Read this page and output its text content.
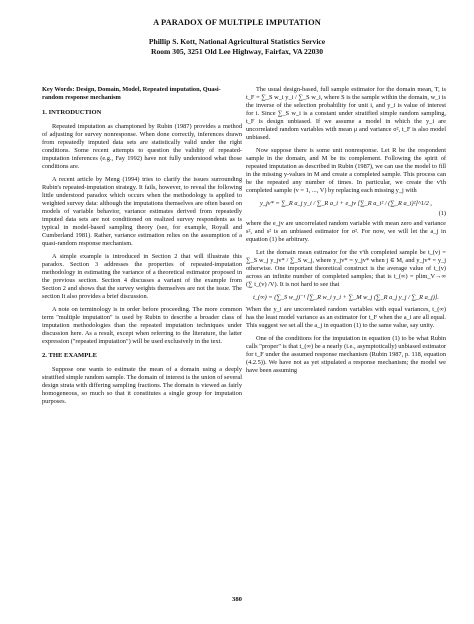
A PARADOX OF MULTIPLE IMPUTATION
Phillip S. Kott, National Agricultural Statistics Service
Room 305, 3251 Old Lee Highway, Fairfax, VA 22030
Key Words: Design, Domain, Model, Repeated imputation, Quasi-random response mechanism
1. INTRODUCTION

Repeated imputation as championed by Rubin (1987) provides a method of adjusting for survey nonresponse. When done correctly, inferences drawn from repeatedly imputed data sets are statistically valid under the right conditions. Some recent attempts to question the validity of repeated-imputation inferences (e.g., Fay 1992) have not fully understood what those conditions are.

A recent article by Meng (1994) tries to clarify the issues surrounding Rubin's repeated-imputation strategy. It fails, however, to reveal the following little understood paradox which occurs when the methodology is applied to weighted survey data: although the imputations themselves are often based on models of variable behavior, variance estimates derived from repeatedly imputed data sets are not conditioned on realized survey respondents as is typical in model-based sampling theory (see, for example, Royall and Cumberland 1981). Rather, variance estimation relies on the assumption of a quasi-random response mechanism.

A simple example is introduced in Section 2 that will illustrate this paradox. Section 3 addresses the properties of repeated-imputation methodology in estimating the variance of a theoretical estimator proposed in the previous section. Section 4 discusses a variant of the example from Section 2 and shows that the survey weights themselves are not the issue. The section It also provides a brief discussion.

A note on terminology is in order before proceeding. The more common term "multiple imputation" is used by Rubin to describe a broader class of imputation methodologies than the repeated imputation techniques under discussion here. As a result, except when referring to the literature, the latter expression ("repeated imputation") will be used exclusively in the text.

2. THE EXAMPLE

Suppose one wants to estimate the mean of a domain using a deeply stratified simple random sample. The domain of interest is the union of several design strata with differing sampling fractions. The domain is viewed as fairly homogeneous, so much so that it constitutes a single group for imputation purposes.

The usual design-based, full sample estimator for the domain mean, T, is t_F = ∑_S w_i y_i / ∑_S w_i, where S is the sample within the domain, w_i is the inverse of the selection probability for unit i, and y_i is value of interest for i. Since ∑_S w_i is a constant under stratified simple random sampling, t_F is design unbiased. If we assume a model in which the y_i are uncorrelated random variables with mean μ and variance σ², t_F is also model unbiased.

Now suppose there is some unit nonresponse. Let R be the respondent sample in the domain, and M be its complement. Following the spirit of repeated imputation as described in Rubin (1987), we can use the model to fill in the missing y-values in M and create a completed sample. This process can be the repeated any number of times. In particular, we create the v'th completed sample (v = 1, ..., V) by replacing each missing y_j with

y_jv* = ∑_R a_j y_i / ∑_R a_i + e_jv [∑_R a_i² / (∑_R a_i)²]^1/2 ,
(1)

where the e_jv are uncorrelated random variable with mean zero and variance s², and s² is an unbiased estimator for σ². For now, we will let the a_j in equation (1) be arbitrary.

Let the domain mean estimator for the v'th completed sample be t_(v) = ∑_S w_j y_jv* / ∑_S w_j, where y_jv* = y_jv* when j ∈ M, and y_jv* = y_j otherwise. One important theoretical construct is the average value of t_(v) across an infinite number of completed samples; that is t_(∞) = plim_V→∞ (∑ t_(v) /V). It is not hard to see that

t_(∞) = (∑_S w_j)⁻¹ [∑_R w_i y_i + ∑_M w_j (∑_R a_j y_j / ∑_R a_j)].

When the y_i are uncorrelated random variables with equal variances, t_(∞) has the least model variance as an estimator for t_F when the a_i are all equal. This suggest we set all the a_j in equation (1) to the same value, say unity.

One of the conditions for the imputation in equation (1) to be what Rubin calls "proper" is that t_(∞) be a nearly (i.e., asymptotically) unbiased estimator for t_F under the assumed response mechanism (Rubin 1987, p. 118, equation (4.2.5)). We have not as yet stipulated a response mechanism; the model we have been assuming

380
